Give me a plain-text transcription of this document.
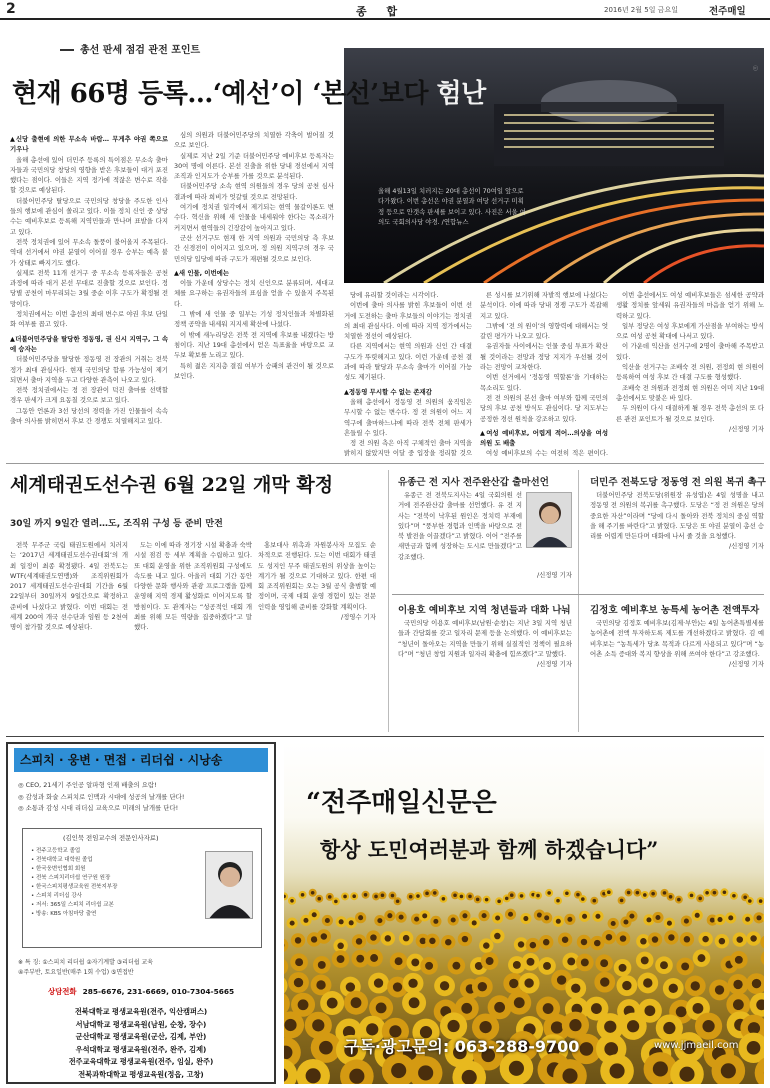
2	종 합	2016년 2월 5일 금요일	전주매일
총선 판세 점검 관전 포인트
ⓒ
현재 66명 등록…‘예선’이 ‘본선’보다 험난
올해 4월13일 치러지는 20대 총선이 70여일 앞으로 다가왔다. 이번 총선은 야권 분열과 여당 선거구 미획정 등으로 안갯속 판세를 보이고 있다. 사진은 서울 여의도 국회의사당 야경. /연합뉴스

▲신당 출현에 의한 무소속 바람… 무게추 야권 쪽으로 기우나

올해 총선에 있어 더민주 등록의 특이점은 무소속 출마자들과 국민의당 창당의 영향을 받은 후보들이 대거 포진했다는 점이다. 이들은 지역 정가에 적잖은 변수로 작용할 것으로 예상된다.

더불어민주당 탈당으로 국민의당 창당을 주도한 인사들의 행보에 관심이 쏠리고 있다. 이들 정치 신인 중 상당수는 예비후보로 등록해 지역민들과 만나며 표밭을 다지고 있다.

전북 정치권에 있어 무소속 돌풍이 불어올지 주목된다. 역대 선거에서 야권 분열이 이어질 경우 승부는 예측 불가 상태로 빠지기도 했다.

실제로 전북 11개 선거구 중 무소속 등록자들은 공천 과정에 따라 대거 본선 무대로 진출할 것으로 보인다. 정당별 공천이 마무리되는 3월 중순 이후 구도가 확정될 전망이다.

정치권에서는 이번 총선의 최대 변수로 야권 후보 단일화 여부를 꼽고 있다.

▲더불어민주당을 탈당한 정동영, 권 신시 지역구, 그 속에 승자는

더불어민주당을 탈당한 정동영 전 장관의 거취는 전북 정가 최대 관심사다. 현재 국민의당 합류 가능성이 제기되면서 출마 지역을 두고 다양한 관측이 나오고 있다.

전북 정치권에서는 정 전 장관이 덕진 출마를 선택할 경우 판세가 크게 요동칠 것으로 보고 있다.

그동안 언론과 3선 당선의 경력을 가진 인물들이 속속 출마 의사를 밝히면서 후보 간 경쟁도 치열해지고 있다.

심의 의원과 더불어민주당의 치열한 각축이 벌어질 것으로 보인다.

실제로 지난 2일 기준 더불어민주당 예비후보 등록자는 30여 명에 이른다. 본선 진출을 위한 당내 경선에서 지역 조직과 인지도가 승부를 가를 것으로 분석된다.

더불어민주당 소속 현역 의원들의 경우 당의 공천 심사 결과에 따라 희비가 엇갈릴 것으로 전망된다.

여기에 정치권 일각에서 제기되는 현역 물갈이론도 변수다. 혁신을 위해 새 인물을 내세워야 한다는 목소리가 커지면서 현역들의 긴장감이 높아지고 있다.

군산 선거구도 현재 한 지역 의원과 국민의당 측 후보 간 신경전이 이어지고 있으며, 정 의원 지역구의 경우 국민의당 입당에 따라 구도가 재편될 것으로 보인다.

▲새 인물, 이번에는

이들 가운데 상당수는 정치 신인으로 분류되며, 세대교체를 요구하는 유권자들의 표심을 얻을 수 있을지 주목된다.

그 밖에 새 인물 중 일부는 기성 정치인들과 차별화된 정책 공약을 내세워 지지세 확산에 나섰다.

이 밖에 새누리당은 전북 전 지역에 후보를 내겠다는 방침이다. 지난 19대 총선에서 얻은 득표율을 바탕으로 교두보 확보를 노리고 있다.

특히 젊은 지지층 결집 여부가 승패의 관건이 될 것으로 보인다.

당에 유리할 것이라는 시각이다.

이번에 출마 의사를 밝힌 후보들이 이번 선거에 도전하는 출마 후보들의 이야기는 정치권의 최대 관심사다. 이에 따라 지역 정가에서는 치열한 경선이 예상된다.

다른 지역에서는 현역 의원과 신인 간 대결 구도가 뚜렷해지고 있다. 이런 가운데 공천 결과에 따라 탈당과 무소속 출마가 이어질 가능성도 제기된다.

▲정동영 무시할 수 없는 존재감

올해 총선에서 정동영 전 의원의 움직임은 무시할 수 없는 변수다. 정 전 의원이 어느 지역구에 출마하느냐에 따라 전북 전체 판세가 흔들릴 수 있다.

정 전 의원 측은 아직 구체적인 출마 지역을 밝히지 않았지만 이달 중 입장을 정리할 것으

른 성시를 보기위해 자발적 행보에 나섰다는 분석이다. 이에 따라 당내 경쟁 구도가 복잡해지고 있다.

그밖에 ‘전 의 원이’의 영향력에 대해서는 엇갈린 평가가 나오고 있다.

유권자들 사이에서는 인물 중심 투표가 확산될 것이라는 전망과 정당 지지가 우선될 것이라는 전망이 교차한다.

이번 선거에서 ‘정동영 역할론’을 기대하는 목소리도 있다.

전 전 의원의 본선 출마 여부와 함께 국민의당의 후보 공천 방식도 관심이다. 당 지도부는 공정한 경선 원칙을 강조하고 있다.

▲여성 예비후보, 어렵게 적어…의상을 여성 의원 도 배출

여성 예비후보의 수는 여전히 적은 편이다.

이번 총선에서도 여성 예비후보들은 섬세한 공약과 생활 정치를 앞세워 유권자들의 마음을 얻기 위해 노력하고 있다.

일부 정당은 여성 후보에게 가산점을 부여하는 방식으로 여성 공천 확대에 나서고 있다.

이 가운데 익산을 선거구에 2명이 출마해 주목받고 있다.

익산을 선거구는 조배숙 전 의원, 전정희 현 의원이 등록하여 여성 후보 간 대결 구도를 형성했다.

조배숙 전 의원과 전정희 현 의원은 이미 지난 19대 총선에서도 맞붙은 바 있다.

두 의원이 다시 대결하게 될 경우 전북 총선의 또 다른 관전 포인트가 될 것으로 보인다.

/신정영 기자

세계태권도선수권 6월 22일 개막 확정
30일 까지 9일간 열려…도, 조직위 구성 등 준비 만전

전북 무주군 국립 태권도원에서 치러지는 ‘2017년 세계태권도선수권대회’의 개최 일정이 최종 확정됐다. 4일 전북도는 WTF(세계태권도연맹)와 조직위원회가 2017 세계태권도선수권대회 기간을 6월 22일부터 30일까지 9일간으로 확정하고 준비에 나섰다고 밝혔다. 이번 대회는 전 세계 200여 개국 선수단과 임원 등 2천여 명이 참가할 것으로 예상된다.

도는 이에 따라 경기장 시설 확충과 숙박 시설 점검 등 세부 계획을 수립하고 있다. 또 대회 운영을 위한 조직위원회 구성에도 속도를 내고 있다. 아울러 대회 기간 동안 다양한 문화 행사와 관광 프로그램을 함께 운영해 지역 경제 활성화로 이어지도록 할 방침이다. 도 관계자는 “성공적인 대회 개최를 위해 모든 역량을 집중하겠다”고 말했다.

홍보대사 위촉과 자원봉사자 모집도 순차적으로 진행된다. 도는 이번 대회가 태권도 성지인 무주 태권도원의 위상을 높이는 계기가 될 것으로 기대하고 있다. 한편 대회 조직위원회는 오는 3월 공식 출범할 예정이며, 국제 대회 운영 경험이 있는 전문 인력을 영입해 준비를 강화할 계획이다.

/정영수 기자

유종근 전 지사 전주완산갑 출마선언

유종근 전 전북도지사는 4일 국회의원 선거에 전주완산갑 출마를 선언했다. 유 전 지사는 “전북이 낙후된 원인은 정치력 부재에 있다”며 “풍부한 경험과 인맥을 바탕으로 전북 발전을 이끌겠다”고 밝혔다. 이어 “전주를 새만금과 함께 성장하는 도시로 만들겠다”고 강조했다.

/신정영 기자

더민주 전북도당 정동영 전 의원 복귀 촉구

더불어민주당 전북도당(위원장 유성엽)은 4일 성명을 내고 정동영 전 의원의 복귀를 촉구했다. 도당은 “정 전 의원은 당의 중요한 자산”이라며 “당에 다시 돌아와 전북 정치의 중심 역할을 해 주기를 바란다”고 밝혔다. 도당은 또 야권 분열이 총선 승리를 어렵게 만든다며 대화에 나서 줄 것을 요청했다.

/신정영 기자

이용호 예비후보 지역 청년들과 대화 나눠

국민의당 이용호 예비후보(남원·순창)는 지난 3일 지역 청년들과 간담회를 갖고 일자리 문제 등을 논의했다. 이 예비후보는 “청년이 돌아오는 지역을 만들기 위해 실질적인 정책이 필요하다”며 “청년 창업 지원과 일자리 확충에 힘쓰겠다”고 말했다.

/신정영 기자

김정호 예비후보 농특세 농어촌 전액투자

국민의당 김정호 예비후보(김제·부안)는 4일 농어촌특별세를 농어촌에 전액 투자하도록 제도를 개선하겠다고 밝혔다. 김 예비후보는 “농특세가 당초 목적과 다르게 사용되고 있다”며 “농어촌 소득 증대와 복지 향상을 위해 쓰여야 한다”고 강조했다.

/신정영 기자

스피치 · 웅변 · 면접 · 리더쉽 · 시낭송
◎ CEO, 21세기 주인공 알파형 인재 배출의 요람!
◎ 감성과 화술 스피치로 인맥과 시대에 성공의 날개를 단다!
◎ 소통과 감성 시대 리더십 교육으로 미래의 날개를 단다!
(김인묵 전임교수의 전문인사자료)
• 전주고등학교 졸업
• 전북대학교 대학원 졸업
• 한국웅변인협회 회원
• 전북 스피치리더쉽 연구원 원장
• 한국스피치평생교육원 전북지부장
• 스피치 리더십 강사
• 저서: 365일 스피치 리더쉽 교본
• 방송: KBS 아침마당 출연
※ 특 징: ①스피치 리더쉽 ②자기계발 ③리더쉽 교육
④주부반, 토요일반(매주 1회 수업) ⑤면접반
상담전화 285-6676, 231-6669, 010-7304-5665
전북대학교 평생교육원(전주, 익산캠퍼스)
서남대학교 평생교육원(남원, 순창, 장수)
군산대학교 평생교육원(군산, 김제, 부안)
우석대학교 평생교육원(전주, 완주, 김제)
전주교육대학교 평생교육원(전주, 임실, 완주)
전북과학대학교 평생교육원(정읍, 고창)
“전주매일신문은
항상 도민여러분과 함께 하겠습니다”
구독·광고문의: 063-288-9700	www.jjmaeil.com
